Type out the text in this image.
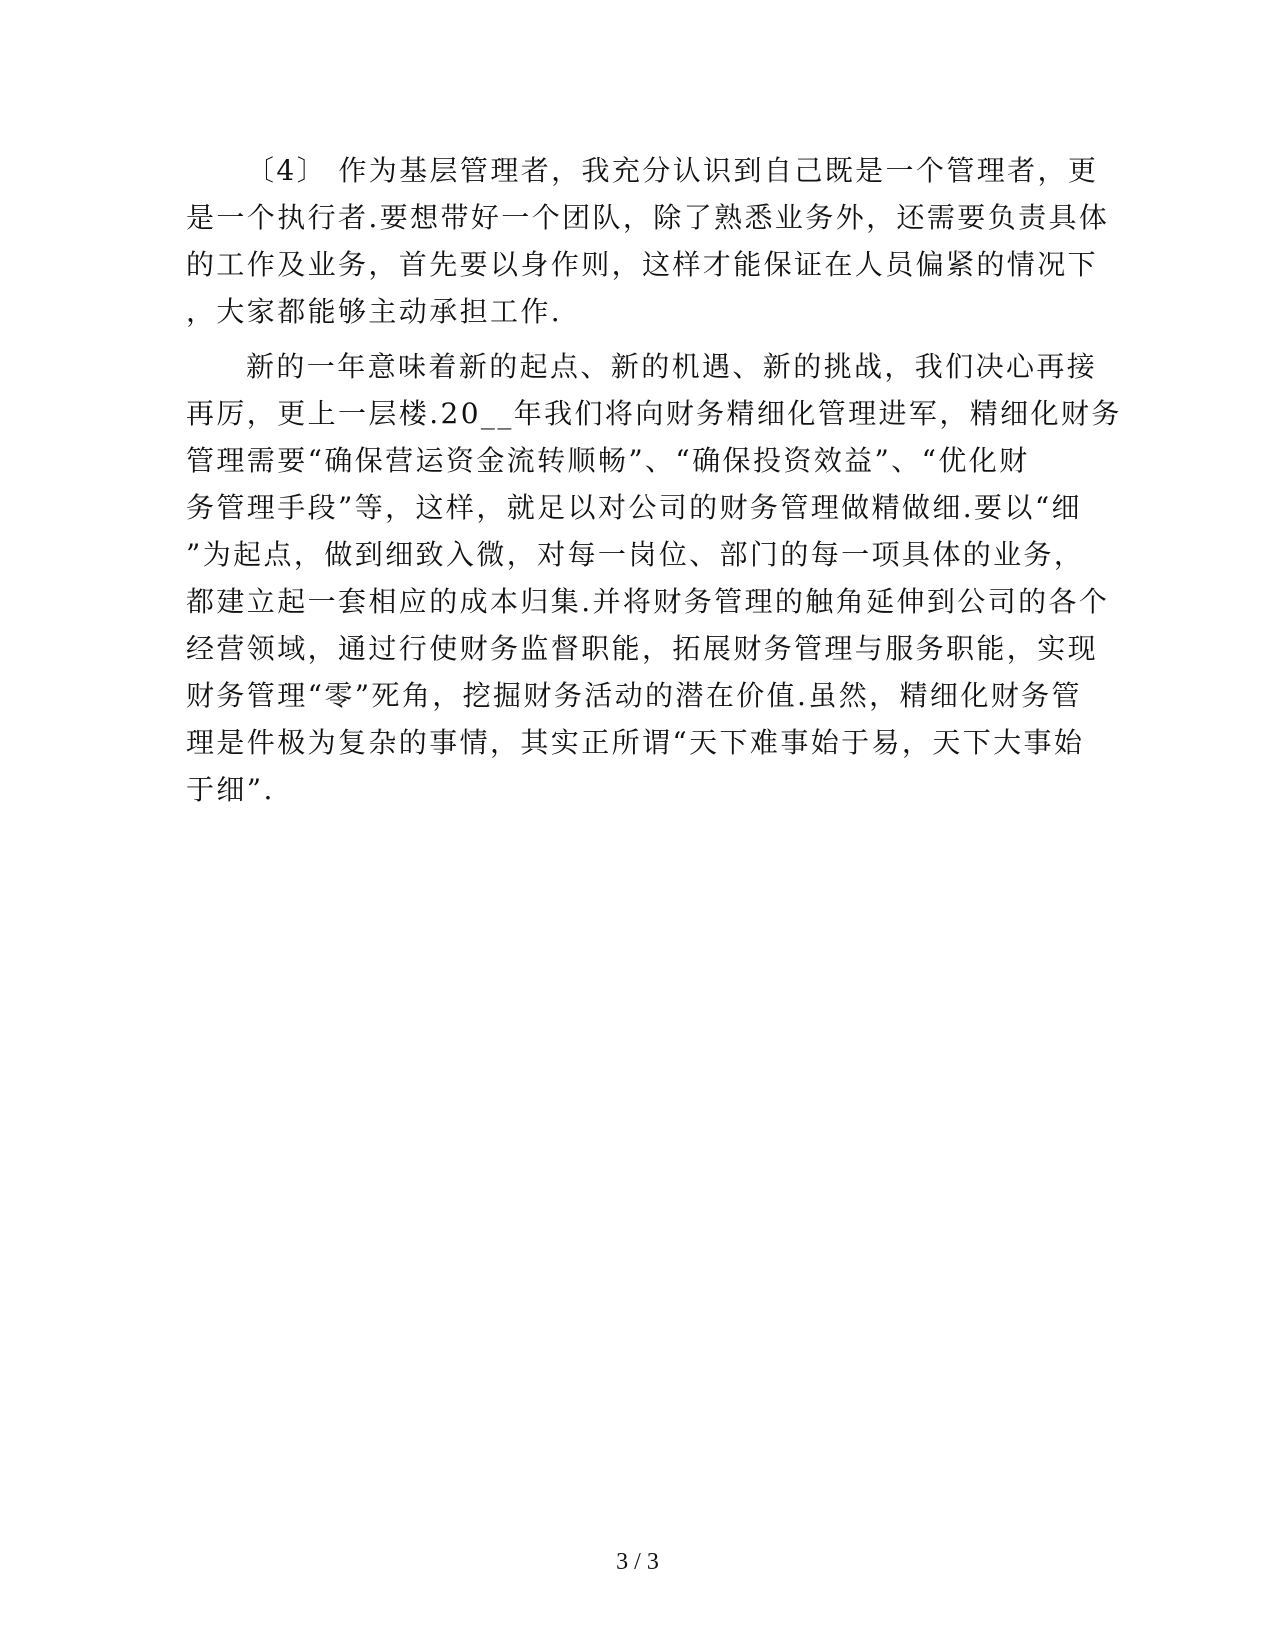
〔4〕 作为基层管理者，我充分认识到自己既是一个管理者，更
是一个执行者.要想带好一个团队，除了熟悉业务外，还需要负责具体
的工作及业务，首先要以身作则，这样才能保证在人员偏紧的情况下
，大家都能够主动承担工作.
新的一年意味着新的起点、新的机遇、新的挑战，我们决心再接
再厉，更上一层楼.20__年我们将向财务精细化管理进军，精细化财务
管理需要“确保营运资金流转顺畅”、“确保投资效益”、“优化财
务管理手段”等，这样，就足以对公司的财务管理做精做细.要以“细
”为起点，做到细致入微，对每一岗位、部门的每一项具体的业务，
都建立起一套相应的成本归集.并将财务管理的触角延伸到公司的各个
经营领域，通过行使财务监督职能，拓展财务管理与服务职能，实现
财务管理“零”死角，挖掘财务活动的潜在价值.虽然，精细化财务管
理是件极为复杂的事情，其实正所谓“天下难事始于易，天下大事始
于细”.
3 / 3
